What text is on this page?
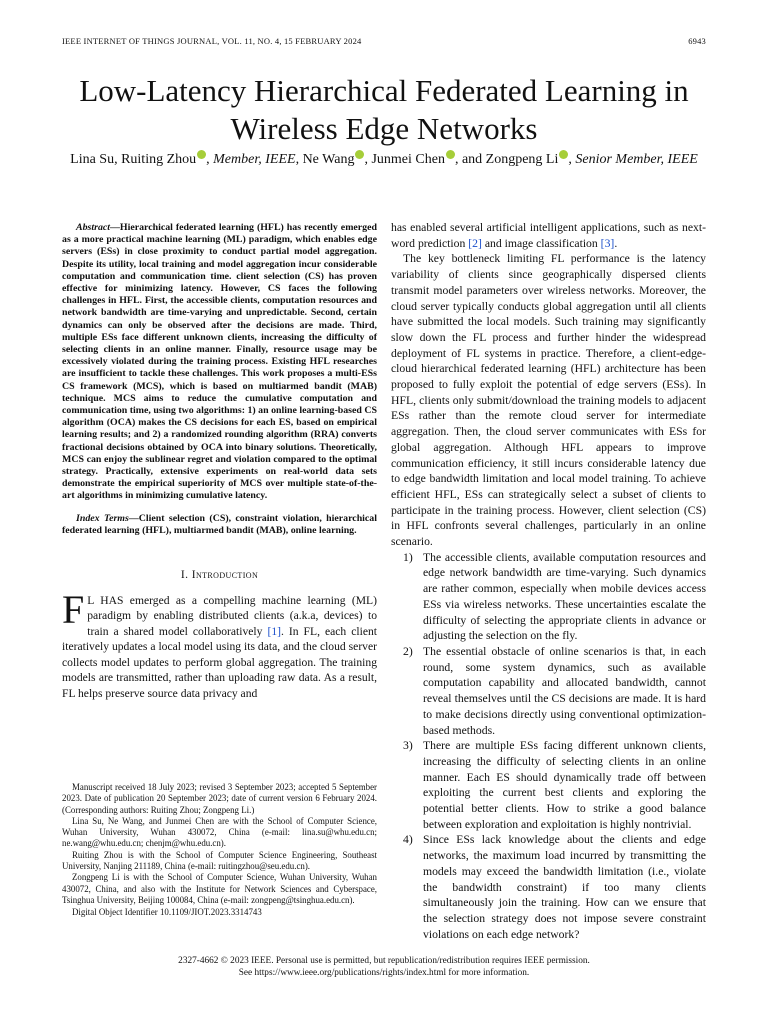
IEEE INTERNET OF THINGS JOURNAL, VOL. 11, NO. 4, 15 FEBRUARY 2024	6943
Low-Latency Hierarchical Federated Learning in
Wireless Edge Networks
Lina Su, Ruiting Zhou , Member, IEEE, Ne Wang , Junmei Chen , and Zongpeng Li , Senior Member, IEEE

Abstract—Hierarchical federated learning (HFL) has recently emerged as a more practical machine learning (ML) paradigm, which enables edge servers (ESs) in close proximity to conduct partial model aggregation. Despite its utility, local training and model aggregation incur considerable computation and communication time. client selection (CS) has proven effective for minimizing latency. However, CS faces the following challenges in HFL. First, the accessible clients, computation resources and network bandwidth are time-varying and unpredictable. Second, certain dynamics can only be observed after the decisions are made. Third, multiple ESs face different unknown clients, increasing the difficulty of selecting clients in an online manner. Finally, resource usage may be excessively violated during the training process. Existing HFL researches are insufficient to tackle these challenges. This work proposes a multi-ESs CS framework (MCS), which is based on multiarmed bandit (MAB) technique. MCS aims to reduce the cumulative computation and communication time, using two algorithms: 1) an online learning-based CS algorithm (OCA) makes the CS decisions for each ES, based on empirical learning results; and 2) a randomized rounding algorithm (RRA) converts fractional decisions obtained by OCA into binary solutions. Theoretically, MCS can enjoy the sublinear regret and violation compared to the optimal strategy. Practically, extensive experiments on real-world data sets demonstrate the empirical superiority of MCS over multiple state-of-the-art algorithms in minimizing cumulative latency.

Index Terms—Client selection (CS), constraint violation, hierarchical federated learning (HFL), multiarmed bandit (MAB), online learning.

I. Introduction

F L HAS emerged as a compelling machine learning (ML) paradigm by enabling distributed clients (a.k.a, devices) to train a shared model collaboratively [1]. In FL, each client iteratively updates a local model using its data, and the cloud server collects model updates to perform global aggregation. The training models are transmitted, rather than uploading raw data. As a result, FL helps preserve source data privacy and

Manuscript received 18 July 2023; revised 3 September 2023; accepted 5 September 2023. Date of publication 20 September 2023; date of current version 6 February 2024. (Corresponding authors: Ruiting Zhou; Zongpeng Li.)

Lina Su, Ne Wang, and Junmei Chen are with the School of Computer Science, Wuhan University, Wuhan 430072, China (e-mail: lina.su@whu.edu.cn; ne.wang@whu.edu.cn; chenjm@whu.edu.cn).

Ruiting Zhou is with the School of Computer Science Engineering, Southeast University, Nanjing 211189, China (e-mail: ruitingzhou@seu.edu.cn).

Zongpeng Li is with the School of Computer Science, Wuhan University, Wuhan 430072, China, and also with the Institute for Network Sciences and Cyberspace, Tsinghua University, Beijing 100084, China (e-mail: zongpeng@tsinghua.edu.cn).

Digital Object Identifier 10.1109/JIOT.2023.3314743

has enabled several artificial intelligent applications, such as next-word prediction [2] and image classification [3].

The key bottleneck limiting FL performance is the latency variability of clients since geographically dispersed clients transmit model parameters over wireless networks. Moreover, the cloud server typically conducts global aggregation until all clients have submitted the local models. Such training may significantly slow down the FL process and further hinder the widespread deployment of FL systems in practice. Therefore, a client-edge-cloud hierarchical federated learning (HFL) architecture has been proposed to fully exploit the potential of edge servers (ESs). In HFL, clients only submit/download the training models to adjacent ESs rather than the remote cloud server for intermediate aggregation. Then, the cloud server communicates with ESs for global aggregation. Although HFL appears to improve communication efficiency, it still incurs considerable latency due to edge bandwidth limitation and local model training. To achieve efficient HFL, ESs can strategically select a subset of clients to participate in the training process. However, client selection (CS) in HFL confronts several challenges, particularly in an online scenario.

1) The accessible clients, available computation resources and edge network bandwidth are time-varying. Such dynamics are rather common, especially when mobile devices access ESs via wireless networks. These uncertainties escalate the difficulty of selecting the appropriate clients in advance or adjusting the selection on the fly.
2) The essential obstacle of online scenarios is that, in each round, some system dynamics, such as available computation capability and allocated bandwidth, cannot reveal themselves until the CS decisions are made. It is hard to make decisions directly using conventional optimization-based methods.
3) There are multiple ESs facing different unknown clients, increasing the difficulty of selecting clients in an online manner. Each ES should dynamically trade off between exploiting the current best clients and exploring the potential better clients. How to strike a good balance between exploration and exploitation is highly nontrivial.
4) Since ESs lack knowledge about the clients and edge networks, the maximum load incurred by transmitting the models may exceed the bandwidth limitation (i.e., violate the bandwidth constraint) if too many clients simultaneously join the training. How can we ensure that the selection strategy does not impose severe constraint violations on each edge network?
2327-4662 © 2023 IEEE. Personal use is permitted, but republication/redistribution requires IEEE permission.
See https://www.ieee.org/publications/rights/index.html for more information.
